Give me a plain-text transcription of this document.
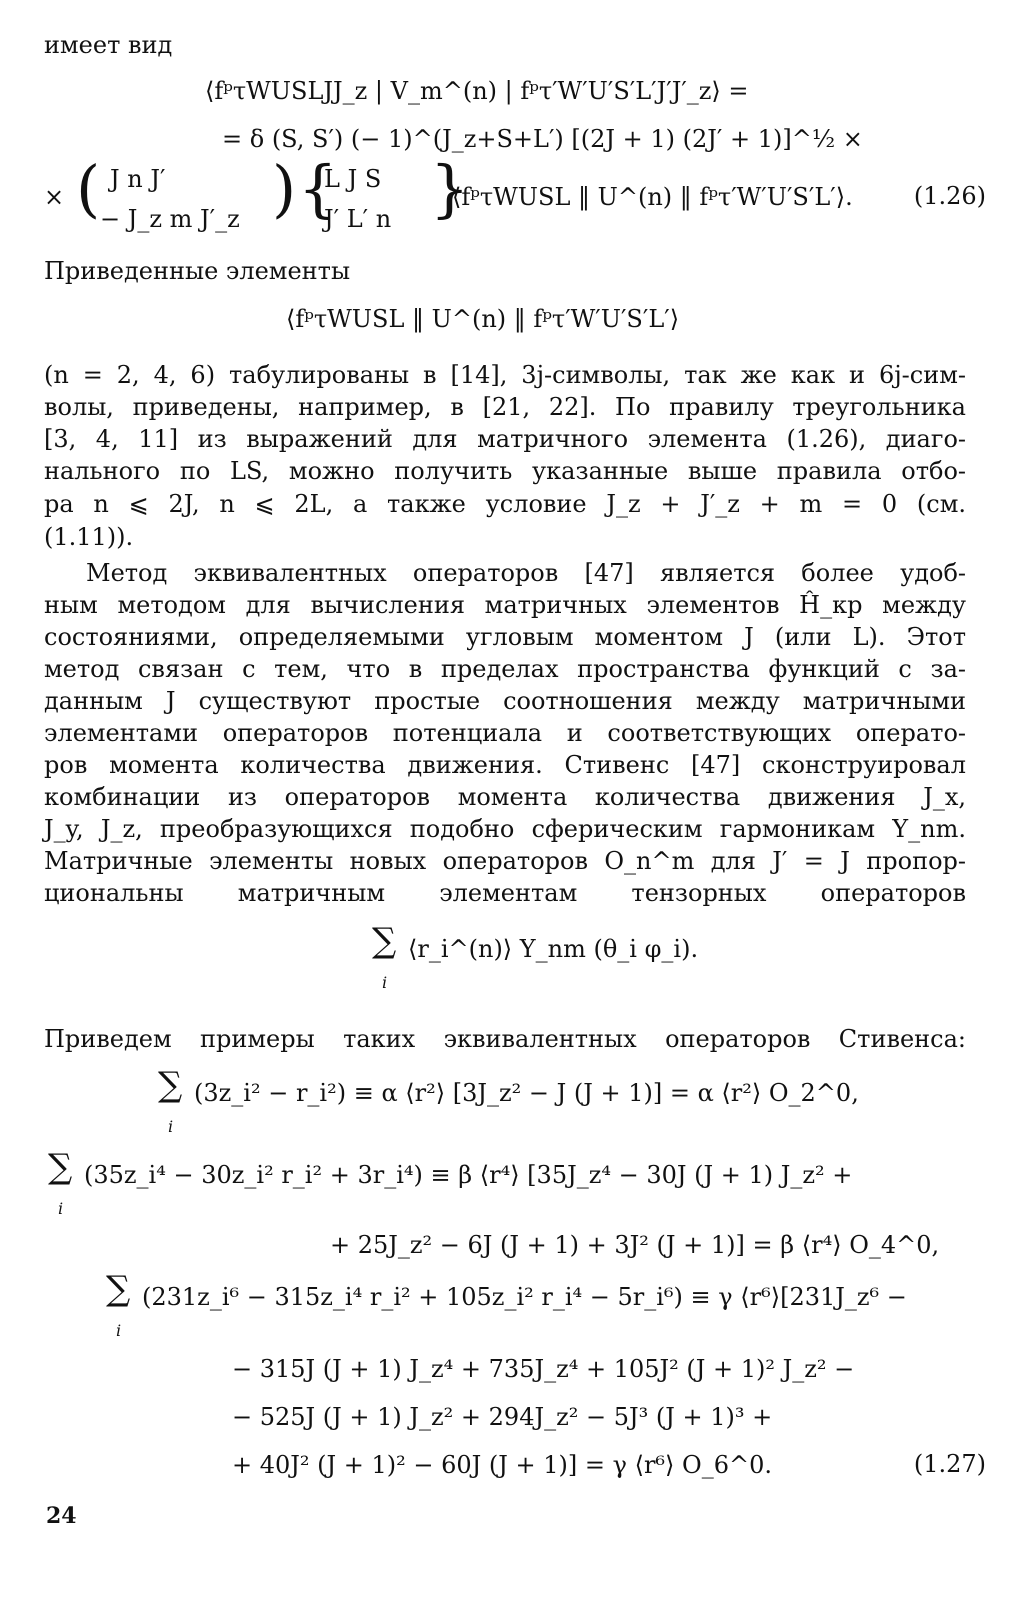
имеет вид
⟨fᵖτWUSLJJ_z | V_m^(n) | fᵖτ′W′U′S′L′J′J′_z⟩ =
= δ (S, S′) (− 1)^(J_z+S+L′) [(2J + 1) (2J′ + 1)]^½ ×
× ( J n J′
− J_z m J′_z ) {
L J S
J′ L′ n }
⟨fᵖτWUSL ‖ U^(n) ‖ fᵖτ′W′U′S′L′⟩.	(1.26)
Приведенные элементы
⟨fᵖτWUSL ‖ U^(n) ‖ fᵖτ′W′U′S′L′⟩
(n = 2, 4, 6) табулированы в [14], 3j-символы, так же как и 6j-сим-
волы, приведены, например, в [21, 22]. По правилу треугольника
[3, 4, 11] из выражений для матричного элемента (1.26), диаго-
нального по LS, можно получить указанные выше правила отбо-
ра n ⩽ 2J, n ⩽ 2L, а также условие J_z + J′_z + m = 0 (см.
(1.11)).
Метод эквивалентных операторов [47] является более удоб-
ным методом для вычисления матричных элементов Ĥ_кр между
состояниями, определяемыми угловым моментом J (или L). Этот
метод связан с тем, что в пределах пространства функций с за-
данным J существуют простые соотношения между матричными
элементами операторов потенциала и соответствующих операто-
ров момента количества движения. Стивенс [47] сконструировал
комбинации из операторов момента количества движения J_x,
J_y, J_z, преобразующихся подобно сферическим гармоникам Y_nm.
Матричные элементы новых операторов O_n^m для J′ = J пропор-
циональны матричным элементам тензорных операторов
∑ ⟨r_i^(n)⟩ Y_nm (θ_i φ_i).
i
Приведем примеры таких эквивалентных операторов Стивенса:
∑ (3z_i² − r_i²) ≡ α ⟨r²⟩ [3J_z² − J (J + 1)] = α ⟨r²⟩ O_2^0,
i
∑ (35z_i⁴ − 30z_i² r_i² + 3r_i⁴) ≡ β ⟨r⁴⟩ [35J_z⁴ − 30J (J + 1) J_z² +
i
+ 25J_z² − 6J (J + 1) + 3J² (J + 1)] = β ⟨r⁴⟩ O_4^0,
∑ (231z_i⁶ − 315z_i⁴ r_i² + 105z_i² r_i⁴ − 5r_i⁶) ≡ γ ⟨r⁶⟩[231J_z⁶ −
i
− 315J (J + 1) J_z⁴ + 735J_z⁴ + 105J² (J + 1)² J_z² −
− 525J (J + 1) J_z² + 294J_z² − 5J³ (J + 1)³ +
+ 40J² (J + 1)² − 60J (J + 1)] = γ ⟨r⁶⟩ O_6^0.	(1.27)
24
